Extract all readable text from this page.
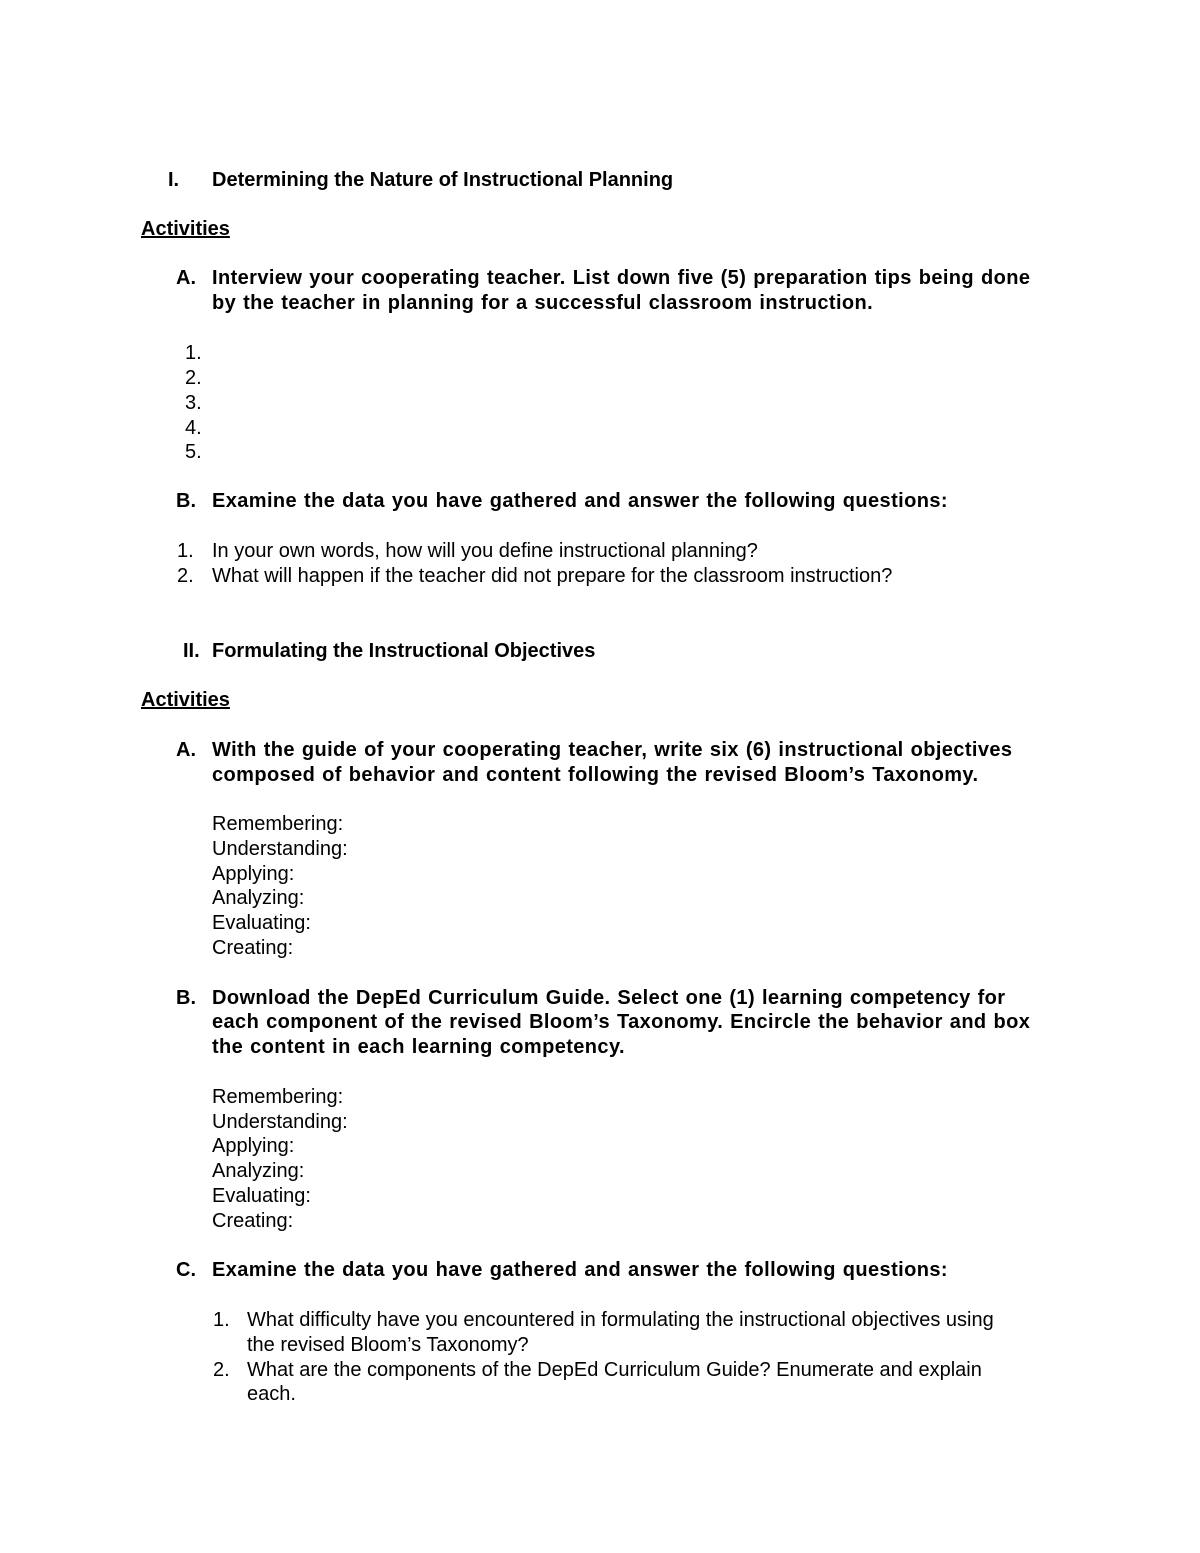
I. Determining the Nature of Instructional Planning
Activities
A. Interview your cooperating teacher. List down five (5) preparation tips being done
by the teacher in planning for a successful classroom instruction.
1.
2.
3.
4.
5.
B. Examine the data you have gathered and answer the following questions:
1. In your own words, how will you define instructional planning?
2. What will happen if the teacher did not prepare for the classroom instruction?
II. Formulating the Instructional Objectives
Activities
A. With the guide of your cooperating teacher, write six (6) instructional objectives
composed of behavior and content following the revised Bloom’s Taxonomy.
Remembering:
Understanding:
Applying:
Analyzing:
Evaluating:
Creating:
B. Download the DepEd Curriculum Guide. Select one (1) learning competency for
each component of the revised Bloom’s Taxonomy. Encircle the behavior and box
the content in each learning competency.
Remembering:
Understanding:
Applying:
Analyzing:
Evaluating:
Creating:
C. Examine the data you have gathered and answer the following questions:
1. What difficulty have you encountered in formulating the instructional objectives using
the revised Bloom’s Taxonomy?
2. What are the components of the DepEd Curriculum Guide? Enumerate and explain
each.
